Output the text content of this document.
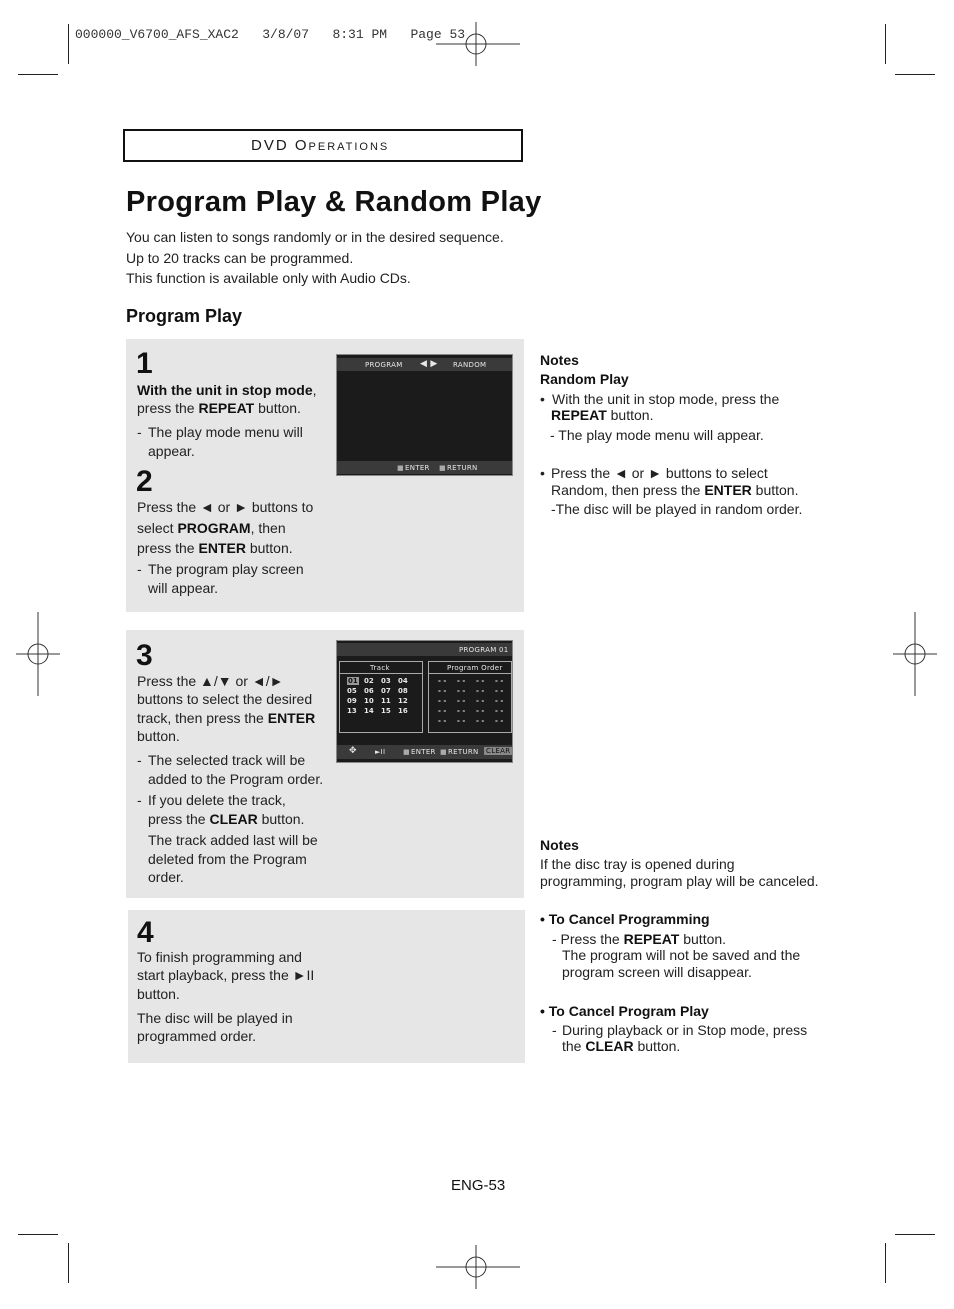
000000_V6700_AFS_XAC2   3/8/07   8:31 PM   Page 53
DVD OPERATIONS
Program Play & Random Play
You can listen to songs randomly or in the desired sequence.
Up to 20 tracks can be programmed.
This function is available only with Audio CDs.
Program Play
1
With the unit in stop mode,
press the REPEAT button.
- The play mode menu will
appear.
2
Press the ◄ or ► buttons to
select PROGRAM, then
press the ENTER button.
- The program play screen
will appear.
PROGRAM ◀ ▶ RANDOM
■ ENTER ■ RETURN
3
Press the ▲/▼ or ◄/►
buttons to select the desired
track, then press the ENTER
button.
- The selected track will be
added to the Program order.
- If you delete the track,
press the CLEAR button.
The track added last will be
deleted from the Program
order.
PROGRAM 01
Track	Program Order
01 02 03 04
05 06 07 08
09 10 11 12
13 14 15 16
- - - - - - - -
- - - - - - - -
- - - - - - - -
- - - - - - - -
- - - - - - - -
✥	►II	■ ENTER ■ RETURN CLEAR
4
To finish programming and
start playback, press the ►II
button.
The disc will be played in
programmed order.
Notes
Random Play
• With the unit in stop mode, press the
REPEAT button.
- The play mode menu will appear.
• Press the ◄ or ► buttons to select
Random, then press the ENTER button.
-The disc will be played in random order.
Notes
If the disc tray is opened during
programming, program play will be canceled.
• To Cancel Programming
- Press the REPEAT button.
The program will not be saved and the
program screen will disappear.
• To Cancel Program Play
- During playback or in Stop mode, press
the CLEAR button.
ENG-53
